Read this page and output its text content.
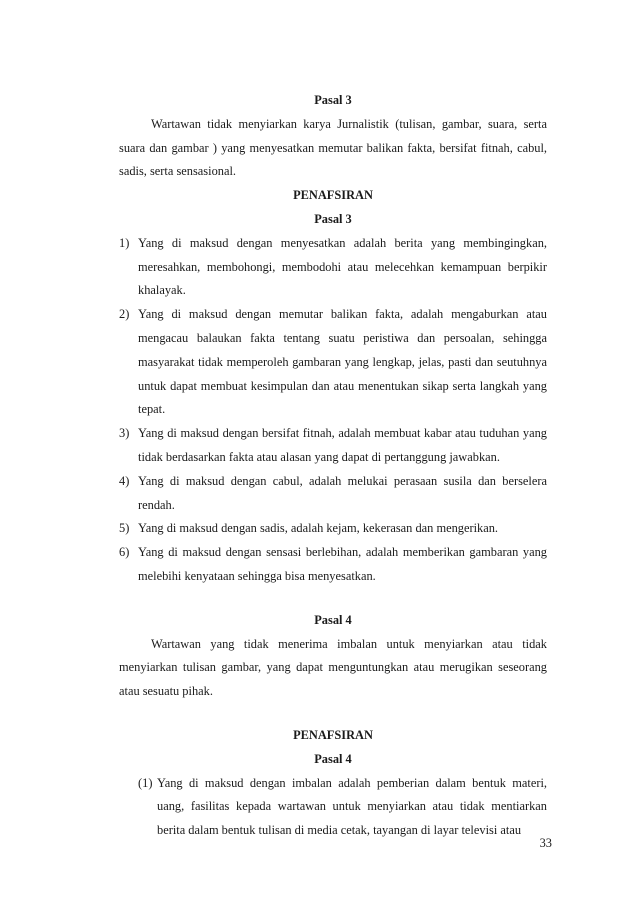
Pasal 3
Wartawan tidak menyiarkan karya Jurnalistik (tulisan, gambar, suara, serta suara dan gambar ) yang menyesatkan memutar balikan fakta, bersifat fitnah, cabul, sadis, serta sensasional.
PENAFSIRAN
Pasal 3
1) Yang di maksud dengan menyesatkan adalah berita yang membingingkan, meresahkan, membohongi, membodohi atau melecehkan kemampuan berpikir khalayak.
2) Yang di maksud dengan memutar balikan fakta, adalah mengaburkan atau mengacau balaukan fakta tentang suatu peristiwa dan persoalan, sehingga masyarakat tidak memperoleh gambaran yang lengkap, jelas, pasti dan seutuhnya untuk dapat membuat kesimpulan dan atau menentukan sikap serta langkah yang tepat.
3) Yang di maksud dengan bersifat fitnah, adalah membuat kabar atau tuduhan yang tidak berdasarkan fakta atau alasan yang dapat di pertanggung jawabkan.
4) Yang di maksud dengan cabul, adalah melukai perasaan susila dan berselera rendah.
5) Yang di maksud dengan sadis, adalah kejam, kekerasan dan mengerikan.
6) Yang di maksud dengan sensasi berlebihan, adalah memberikan gambaran yang melebihi kenyataan sehingga bisa menyesatkan.
Pasal 4
Wartawan yang tidak menerima imbalan untuk menyiarkan atau tidak menyiarkan tulisan gambar, yang dapat menguntungkan atau merugikan seseorang atau sesuatu pihak.
PENAFSIRAN
Pasal 4
(1) Yang di maksud dengan imbalan adalah pemberian dalam bentuk materi, uang, fasilitas kepada wartawan untuk menyiarkan atau tidak mentiarkan berita dalam bentuk tulisan di media cetak, tayangan di layar televisi atau
33
